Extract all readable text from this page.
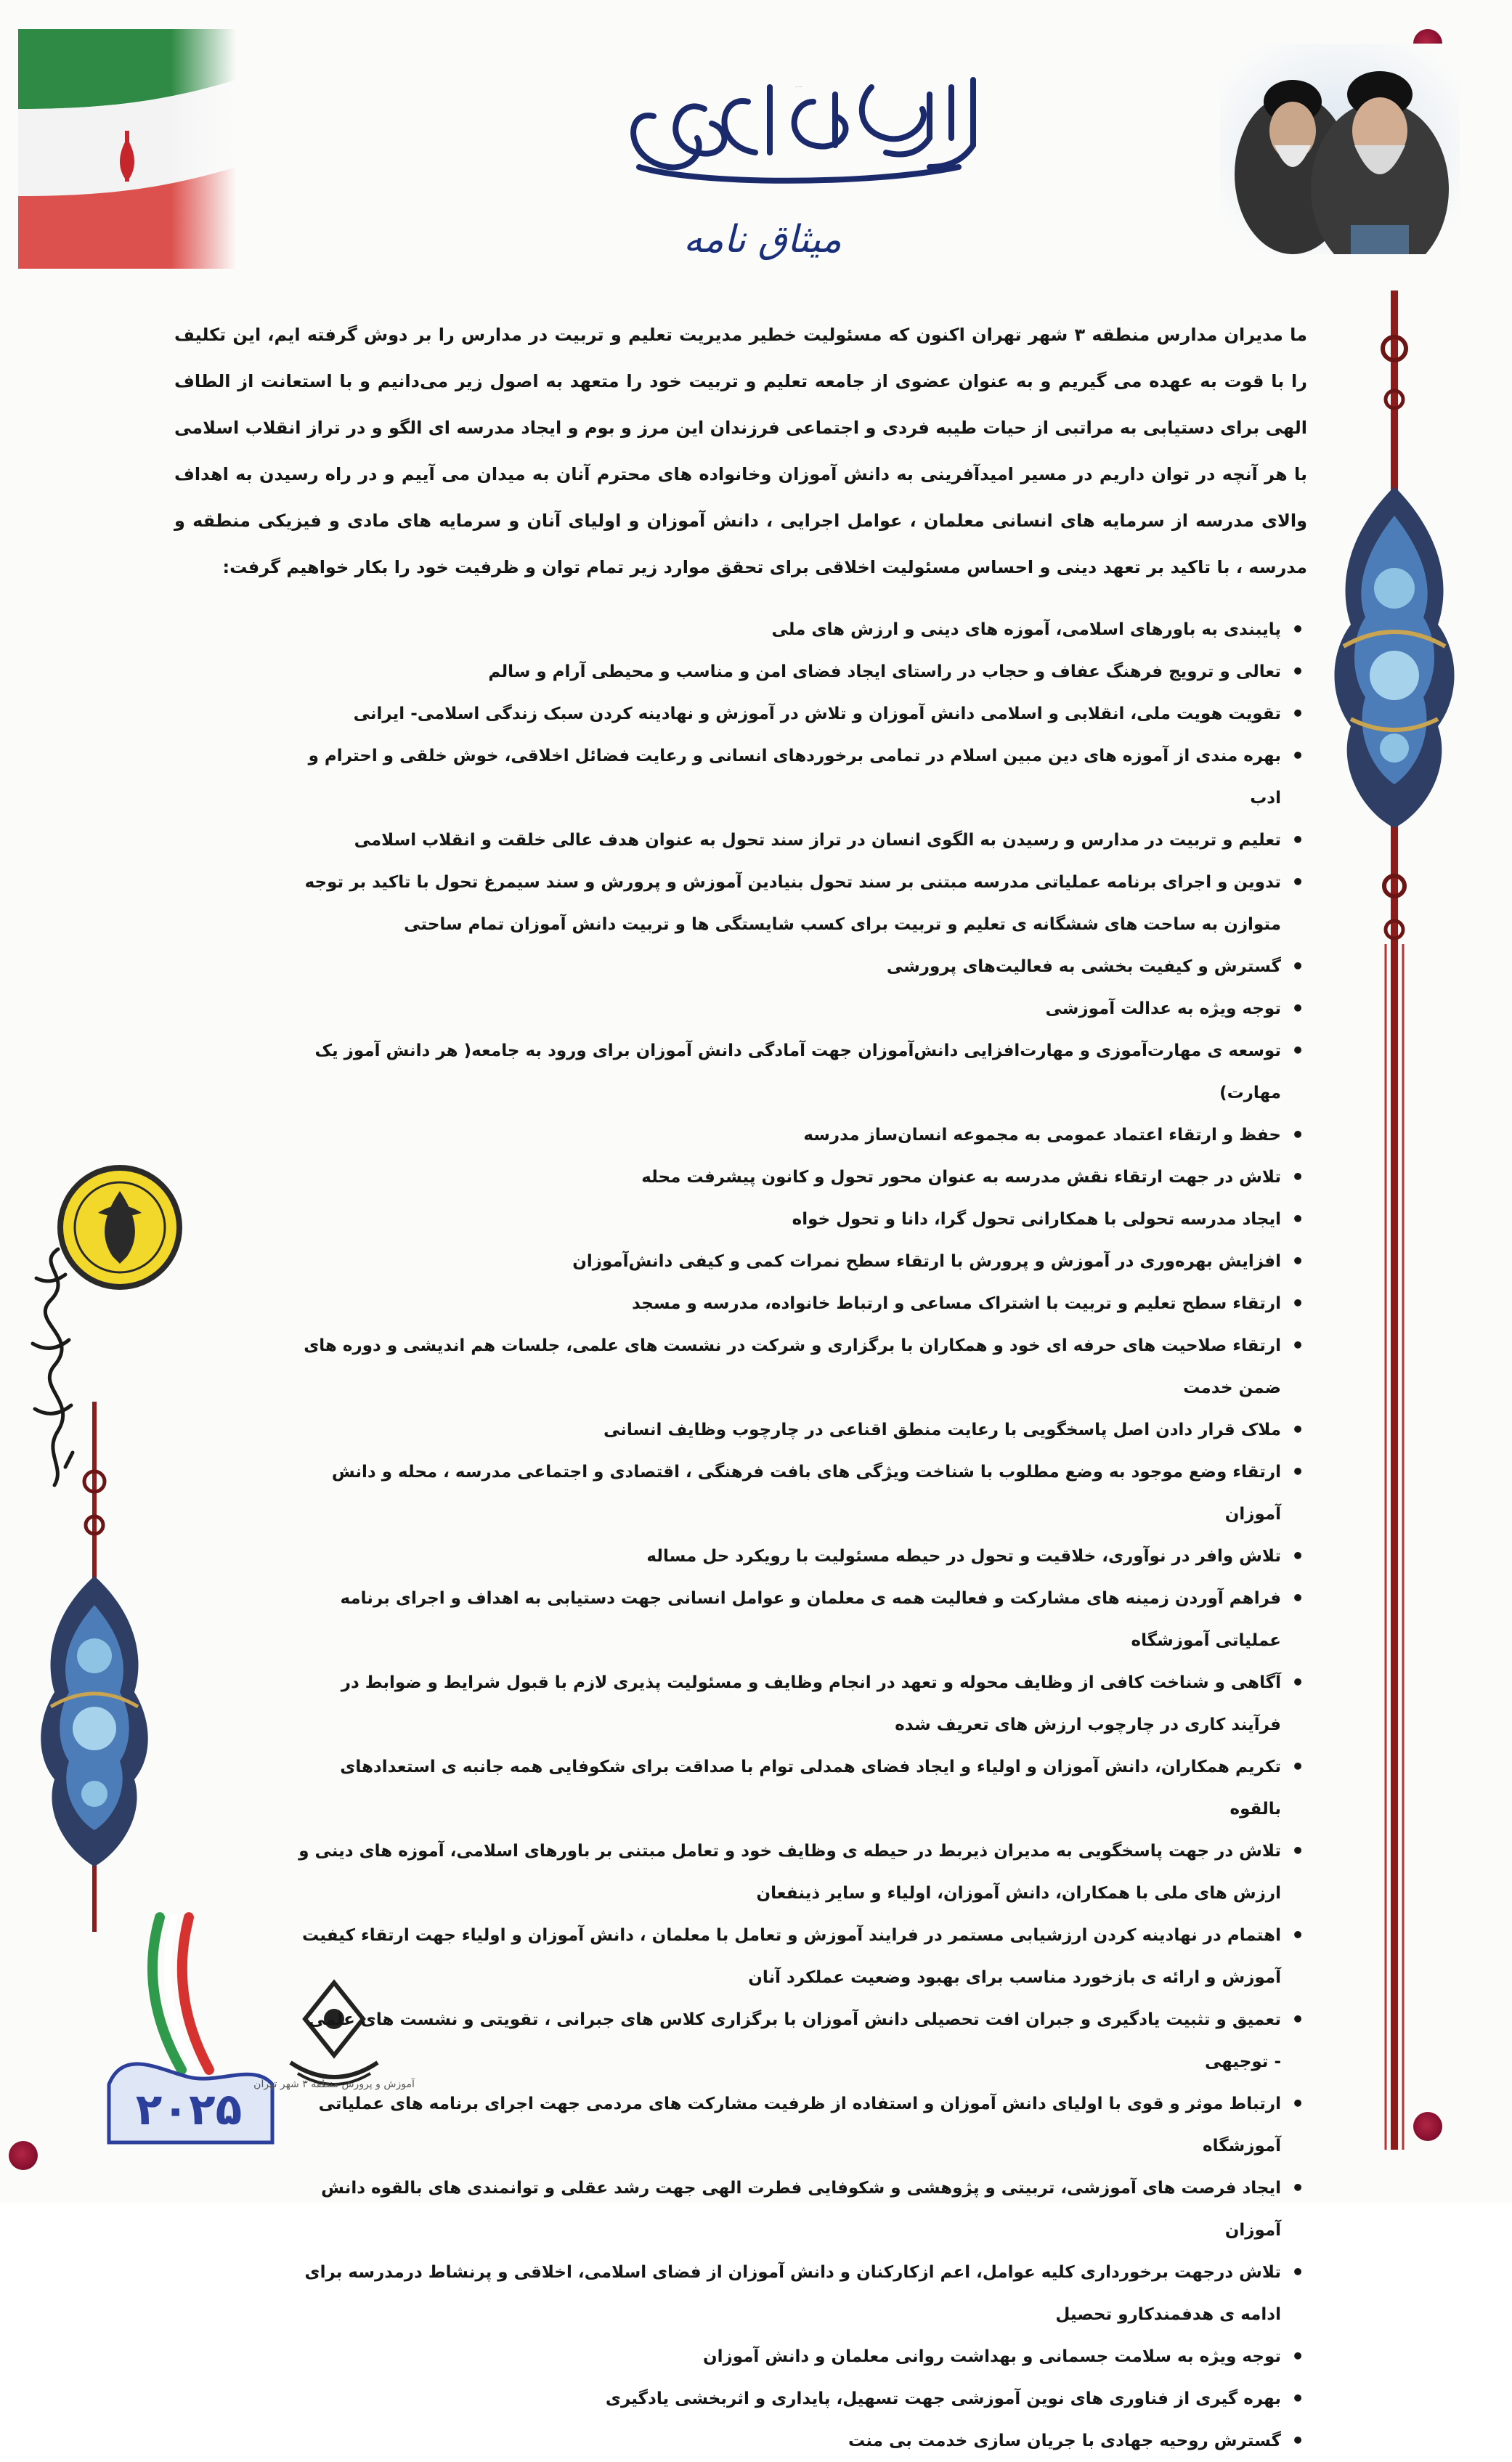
بسم الله الرحمن الرحیم
میثاق نامه
شبکه تعاون رزمندگان
۲۰۲۵	آموزش و پرورش منطقه ۳ شهر تهران

ما مدیران مدارس منطقه ۳ شهر تهران اکنون که مسئولیت خطیر مدیریت تعلیم و تربیت در مدارس را بر دوش گرفته ایم، این تکلیف را با قوت به عهده می گیریم و به عنوان عضوی از جامعه تعلیم و تربیت خود را متعهد به اصول زیر می‌دانیم و با استعانت از الطاف الهی برای دستیابی به مراتبی از حیات طیبه فردی و اجتماعی فرزندان این مرز و بوم و ایجاد مدرسه ای الگو و در تراز انقلاب اسلامی با هر آنچه در توان داریم در مسیر امیدآفرینی به دانش آموزان وخانواده های محترم آنان به میدان می آییم و در راه رسیدن به اهداف والای مدرسه از سرمایه های انسانی معلمان ، عوامل اجرایی ، دانش آموزان و اولیای آنان و سرمایه های مادی و فیزیکی منطقه و مدرسه ، با تاکید بر تعهد دینی و احساس مسئولیت اخلاقی برای تحقق موارد زیر تمام توان و ظرفیت خود را بکار خواهیم گرفت:

• پایبندی به باورهای اسلامی، آموزه های دینی و ارزش های ملی
• تعالی و ترویج فرهنگ عفاف و حجاب در راستای ایجاد فضای امن و مناسب و محیطی آرام و سالم
• تقویت هویت ملی، انقلابی و اسلامی دانش آموزان و تلاش در آموزش و نهادینه کردن سبک زندگی اسلامی- ایرانی
• بهره مندی از آموزه های دین مبین اسلام در تمامی برخوردهای انسانی و رعایت فضائل اخلاقی، خوش خلقی و احترام و ادب
• تعلیم و تربیت در مدارس و رسیدن به الگوی انسان در تراز سند تحول به عنوان هدف عالی خلقت و انقلاب اسلامی
• تدوین و اجرای برنامه عملیاتی مدرسه مبتنی بر سند تحول بنیادین آموزش و پرورش و سند سیمرغ تحول با تاکید بر توجه متوازن به ساحت های ششگانه ی تعلیم و تربیت برای کسب شایستگی ها و تربیت دانش آموزان تمام ساحتی
• گسترش و کیفیت بخشی به فعالیت‌های پرورشی
• توجه ویژه به عدالت آموزشی
• توسعه ی مهارت‌آموزی و مهارت‌افزایی دانش‌آموزان جهت آمادگی دانش آموزان برای ورود به جامعه( هر دانش آموز یک مهارت)
• حفظ و ارتقاء اعتماد عمومی به مجموعه انسان‌ساز مدرسه
• تلاش در جهت ارتقاء نقش مدرسه به عنوان محور تحول و کانون پیشرفت محله
• ایجاد مدرسه تحولی با همکارانی تحول گرا، دانا و تحول خواه
• افزایش بهره‌وری در آموزش و پرورش با ارتقاء سطح نمرات کمی و کیفی دانش‌آموزان
• ارتقاء سطح تعلیم و تربیت با اشتراک مساعی و ارتباط خانواده، مدرسه و مسجد
• ارتقاء صلاحیت های حرفه ای خود و همکاران با برگزاری و شرکت در نشست های علمی، جلسات هم اندیشی و دوره های ضمن خدمت
• ملاک قرار دادن اصل پاسخگویی با رعایت منطق اقناعی در چارچوب وظایف انسانی
• ارتقاء وضع موجود به وضع مطلوب با شناخت ویژگی های بافت فرهنگی ، اقتصادی و اجتماعی مدرسه ، محله و دانش آموزان
• تلاش وافر در نوآوری، خلاقیت و تحول در حیطه مسئولیت با رویکرد حل مساله
• فراهم آوردن زمینه های مشارکت و فعالیت همه ی معلمان و عوامل انسانی جهت دستیابی به اهداف و اجرای برنامه عملیاتی آموزشگاه
• آگاهی و شناخت کافی از وظایف محوله و تعهد در انجام وظایف و مسئولیت پذیری لازم با قبول شرایط و ضوابط در فرآیند کاری در چارچوب ارزش های تعریف شده
• تکریم همکاران، دانش آموزان و اولیاء و ایجاد فضای همدلی توام با صداقت برای شکوفایی همه جانبه ی استعدادهای بالقوه
• تلاش در جهت پاسخگویی به مدیران ذیربط در حیطه ی وظایف خود و تعامل مبتنی بر باورهای اسلامی، آموزه های دینی و ارزش های ملی با همکاران، دانش آموزان، اولیاء و سایر ذینفعان
• اهتمام در نهادینه کردن ارزشیابی مستمر در فرایند آموزش و تعامل با معلمان ، دانش آموزان و اولیاء جهت ارتقاء کیفیت آموزش و ارائه ی بازخورد مناسب برای بهبود وضعیت عملکرد آنان
• تعمیق و تثبیت یادگیری و جبران افت تحصیلی دانش آموزان با برگزاری کلاس های جبرانی ، تقویتی و نشست های علمی - توجیهی
• ارتباط موثر و قوی با اولیای دانش آموزان و استفاده از ظرفیت مشارکت های مردمی جهت اجرای برنامه های عملیاتی آموزشگاه
• ایجاد فرصت های آموزشی، تربیتی و پژوهشی و شکوفایی فطرت الهی جهت رشد عقلی و توانمندی های بالقوه دانش آموزان
• تلاش درجهت برخورداری کلیه عوامل، اعم ازکارکنان و دانش آموزان از فضای اسلامی، اخلاقی و پرنشاط درمدرسه برای ادامه ی هدفمندکارو تحصیل
• توجه ویژه به سلامت جسمانی و بهداشت روانی معلمان و دانش آموزان
• بهره گیری از فناوری های نوین آموزشی جهت تسهیل، پایداری و اثربخشی یادگیری
• گسترش روحیه جهادی با جریان سازی خدمت بی منت
